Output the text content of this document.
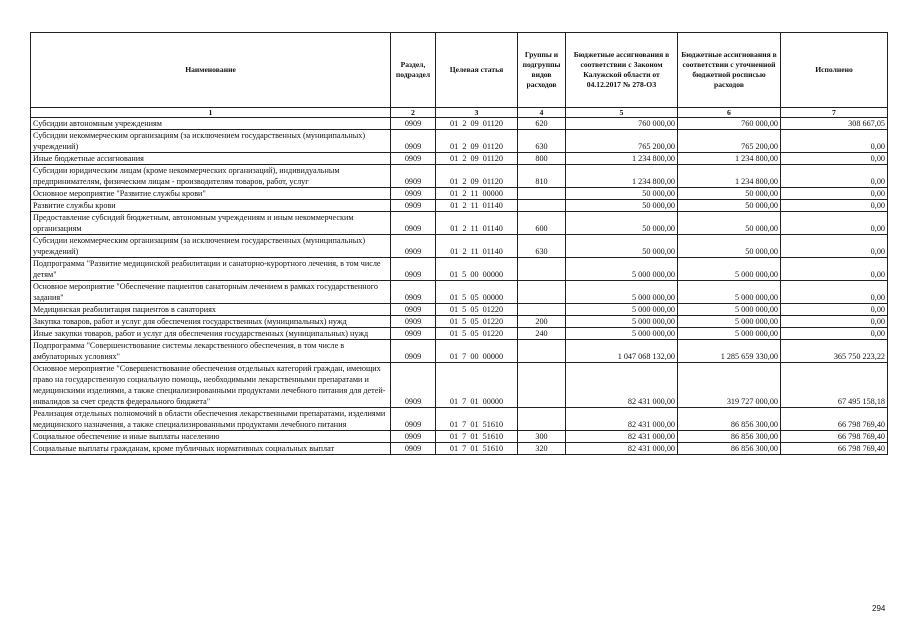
Наименование	Раздел, подраздел	Целевая статья	Группы и подгруппы видов расходов	Бюджетные ассигнования в соответствии с Законом Калужской области от 04.12.2017 № 278-ОЗ	Бюджетные ассигнования в соответствии с уточненной бюджетной росписью расходов	Исполнено
1	2	3	4	5	6	7
Субсидии автономным учреждениям	0909	01  2  09  01120	620	760 000,00	760 000,00	308 667,05
Субсидии некоммерческим организациям (за исключением государственных (муниципальных) учреждений)	0909	01  2  09  01120	630	765 200,00	765 200,00	0,00
Иные бюджетные ассигнования	0909	01  2  09  01120	800	1 234 800,00	1 234 800,00	0,00
Субсидии юридическим лицам (кроме некоммерческих организаций), индивидуальным предпринимателям, физическим лицам - производителям товаров, работ, услуг	0909	01  2  09  01120	810	1 234 800,00	1 234 800,00	0,00
Основное мероприятие "Развитие службы крови"	0909	01  2  11  00000		50 000,00	50 000,00	0,00
Развитие службы крови	0909	01  2  11  01140		50 000,00	50 000,00	0,00
Предоставление субсидий бюджетным, автономным учреждениям и иным некоммерческим организациям	0909	01  2  11  01140	600	50 000,00	50 000,00	0,00
Субсидии некоммерческим организациям (за исключением государственных (муниципальных) учреждений)	0909	01  2  11  01140	630	50 000,00	50 000,00	0,00
Подпрограмма "Развитие медицинской реабилитации и санаторно-курортного лечения, в том числе детям"	0909	01  5  00  00000		5 000 000,00	5 000 000,00	0,00
Основное мероприятие "Обеспечение пациентов санаторным лечением в рамках государственного задания"	0909	01  5  05  00000		5 000 000,00	5 000 000,00	0,00
Медицинская реабилитация пациентов в санаториях	0909	01  5  05  01220		5 000 000,00	5 000 000,00	0,00
Закупка товаров, работ и услуг для обеспечения государственных (муниципальных) нужд	0909	01  5  05  01220	200	5 000 000,00	5 000 000,00	0,00
Иные закупки товаров, работ и услуг для обеспечения государственных (муниципальных) нужд	0909	01  5  05  01220	240	5 000 000,00	5 000 000,00	0,00
Подпрограмма "Совершенствование системы лекарственного обеспечения, в том числе в амбулаторных условиях"	0909	01  7  00  00000		1 047 068 132,00	1 285 659 330,00	365 750 223,22
Основное мероприятие "Совершенствование обеспечения отдельных категорий граждан, имеющих право на государственную социальную помощь, необходимыми лекарственными препаратами и медицинскими изделиями, а также специализированными продуктами лечебного питания для детей-инвалидов за счет средств федерального бюджета"	0909	01  7  01  00000		82 431 000,00	319 727 000,00	67 495 158,18
Реализация отдельных полномочий в области обеспечения лекарственными препаратами, изделиями медицинского назначения, а также специализированными продуктами лечебного питания	0909	01  7  01  51610		82 431 000,00	86 856 300,00	66 798 769,40
Социальное обеспечение и иные выплаты населению	0909	01  7  01  51610	300	82 431 000,00	86 856 300,00	66 798 769,40
Социальные выплаты гражданам, кроме публичных нормативных социальных выплат	0909	01  7  01  51610	320	82 431 000,00	86 856 300,00	66 798 769,40
294
